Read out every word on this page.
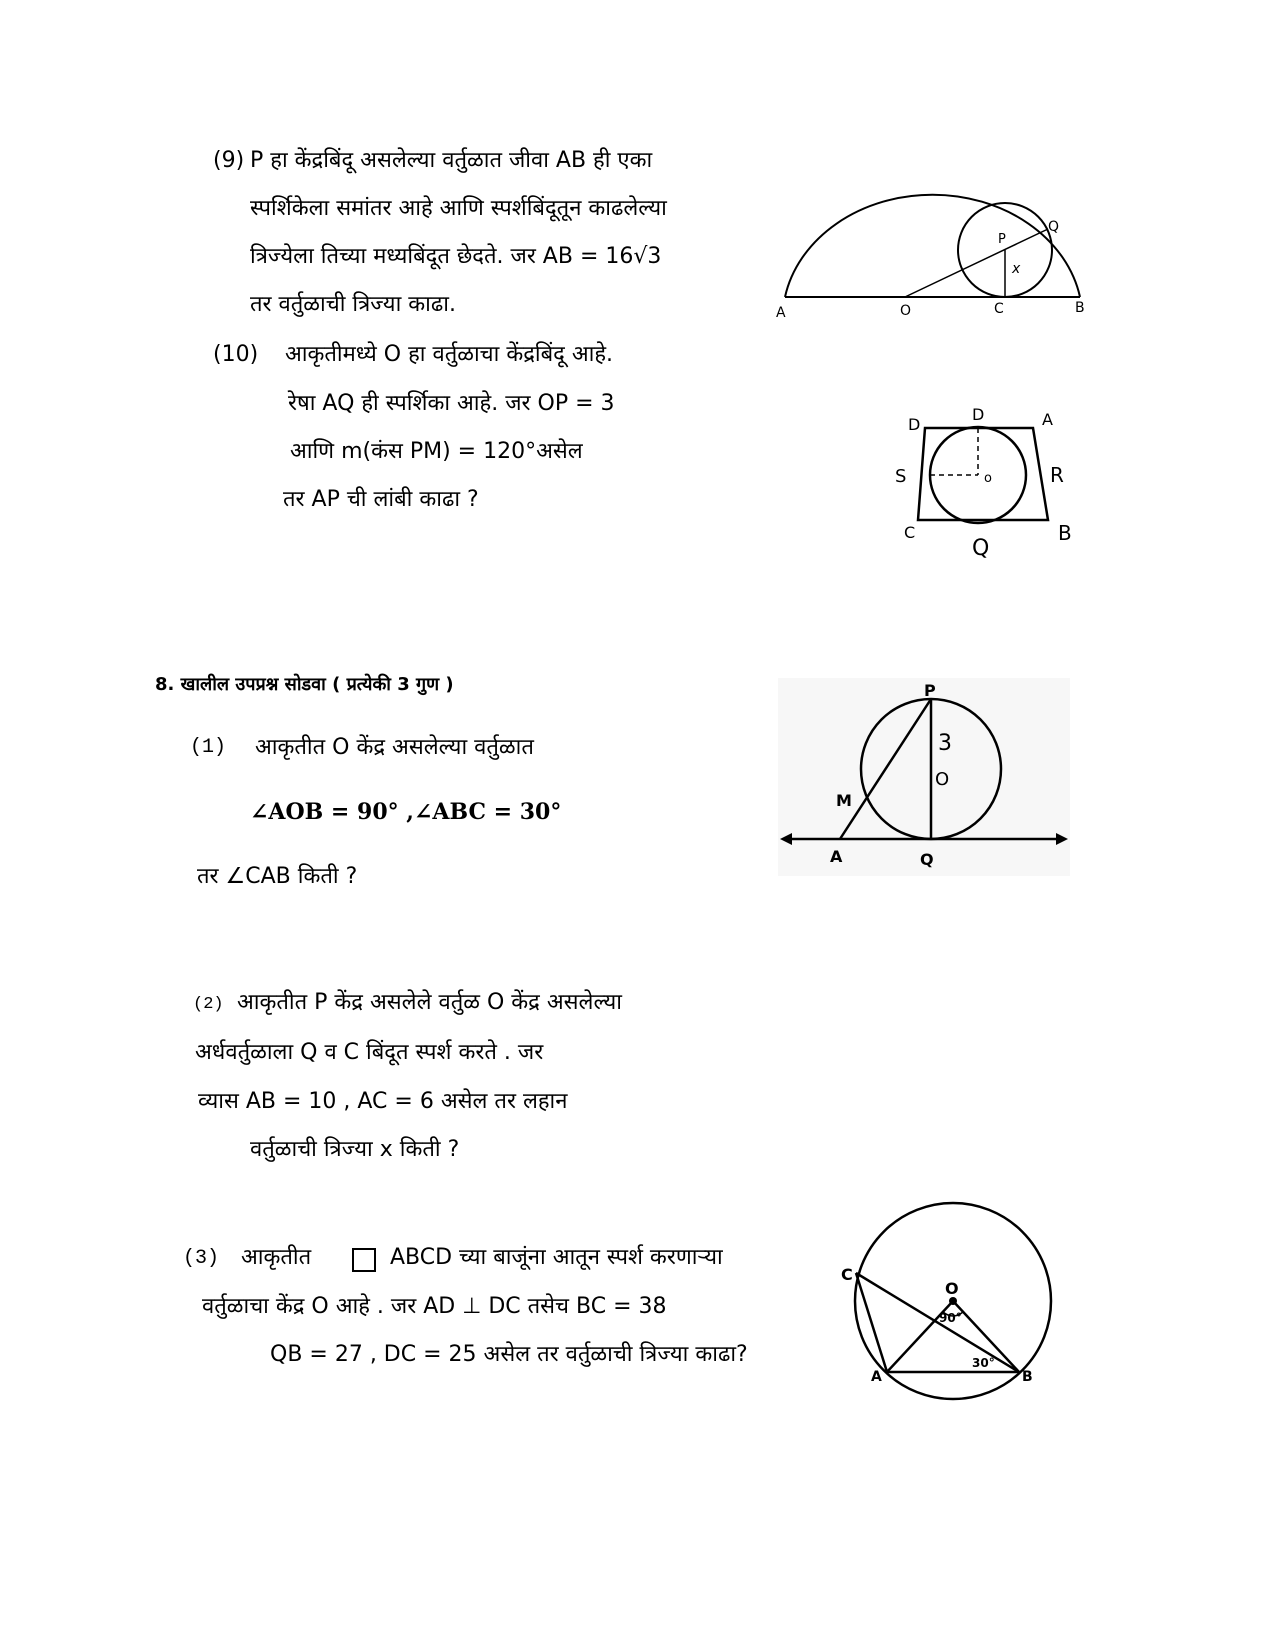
(9) P हा केंद्रबिंदू असलेल्या वर्तुळात जीवा AB ही एका
स्पर्शिकेला समांतर आहे आणि स्पर्शबिंदूतून काढलेल्या
त्रिज्येला तिच्या मध्यबिंदूत छेदते. जर AB = 16√3
तर वर्तुळाची त्रिज्या काढा.	A	O	C	B
P
Q
x
(10) आकृतीमध्ये O हा वर्तुळाचा केंद्रबिंदू आहे.
रेषा AQ ही स्पर्शिका आहे. जर OP = 3
आणि m(कंस PM) = 120°असेल
तर AP ची लांबी काढा ?
D
D	A
S	o	R
C
Q
B
8. खालील उपप्रश्न सोडवा ( प्रत्येकी 3 गुण )
(1) आकृतीत O केंद्र असलेल्या वर्तुळात
∠AOB = 90° ,∠ABC = 30°
तर ∠CAB किती ?
P
3
O
M
A	Q
(2) आकृतीत P केंद्र असलेले वर्तुळ O केंद्र असलेल्या
अर्धवर्तुळाला Q व C बिंदूत स्पर्श करते . जर
व्यास AB = 10 , AC = 6 असेल तर लहान
वर्तुळाची त्रिज्या x किती ?
(3) आकृतीत	ABCD च्या बाजूंना आतून स्पर्श करणाऱ्या
वर्तुळाचा केंद्र O आहे . जर AD ⊥ DC तसेच BC = 38
QB = 27 , DC = 25 असेल तर वर्तुळाची त्रिज्या काढा?
C
O
90°
30°
A	B
